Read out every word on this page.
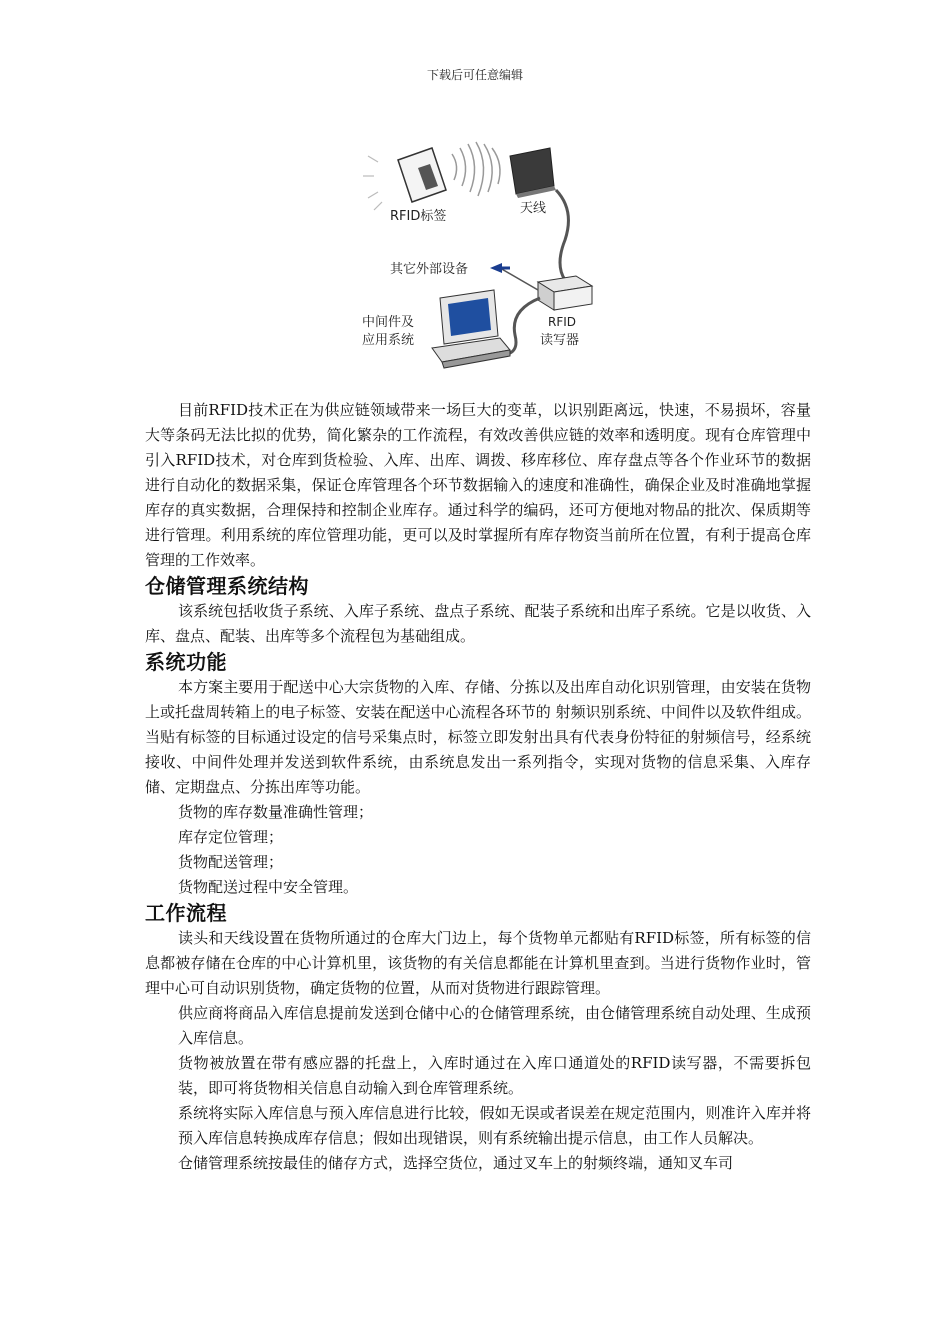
下载后可任意编辑
RFID标签
天线
其它外部设备
中间件及
应用系统
RFID
读写器

目前RFID技术正在为供应链领域带来一场巨大的变革，以识别距离远，快速，不易损坏，容量大等条码无法比拟的优势，简化繁杂的工作流程，有效改善供应链的效率和透明度。现有仓库管理中引入RFID技术，对仓库到货检验、入库、出库、调拨、移库移位、库存盘点等各个作业环节的数据进行自动化的数据采集，保证仓库管理各个环节数据输入的速度和准确性，确保企业及时准确地掌握库存的真实数据，合理保持和控制企业库存。通过科学的编码，还可方便地对物品的批次、保质期等进行管理。利用系统的库位管理功能，更可以及时掌握所有库存物资当前所在位置，有利于提高仓库管理的工作效率。

仓储管理系统结构

该系统包括收货子系统、入库子系统、盘点子系统、配装子系统和出库子系统。它是以收货、入库、盘点、配装、出库等多个流程包为基础组成。

系统功能

本方案主要用于配送中心大宗货物的入库、存储、分拣以及出库自动化识别管理，由安装在货物上或托盘周转箱上的电子标签、安装在配送中心流程各环节的 射频识别系统、中间件以及软件组成。当贴有标签的目标通过设定的信号采集点时，标签立即发射出具有代表身份特征的射频信号，经系统接收、中间件处理并发送到软件系统，由系统息发出一系列指令，实现对货物的信息采集、入库存储、定期盘点、分拣出库等功能。

货物的库存数量准确性管理；

库存定位管理；

货物配送管理；

货物配送过程中安全管理。

工作流程

读头和天线设置在货物所通过的仓库大门边上，每个货物单元都贴有RFID标签，所有标签的信息都被存储在仓库的中心计算机里，该货物的有关信息都能在计算机里查到。当进行货物作业时，管理中心可自动识别货物，确定货物的位置，从而对货物进行跟踪管理。

供应商将商品入库信息提前发送到仓储中心的仓储管理系统，由仓储管理系统自动处理、生成预入库信息。

货物被放置在带有感应器的托盘上，入库时通过在入库口通道处的RFID读写器，不需要拆包装，即可将货物相关信息自动输入到仓库管理系统。

系统将实际入库信息与预入库信息进行比较，假如无误或者误差在规定范围内，则准许入库并将预入库信息转换成库存信息；假如出现错误，则有系统输出提示信息，由工作人员解决。

仓储管理系统按最佳的储存方式，选择空货位，通过叉车上的射频终端，通知叉车司
